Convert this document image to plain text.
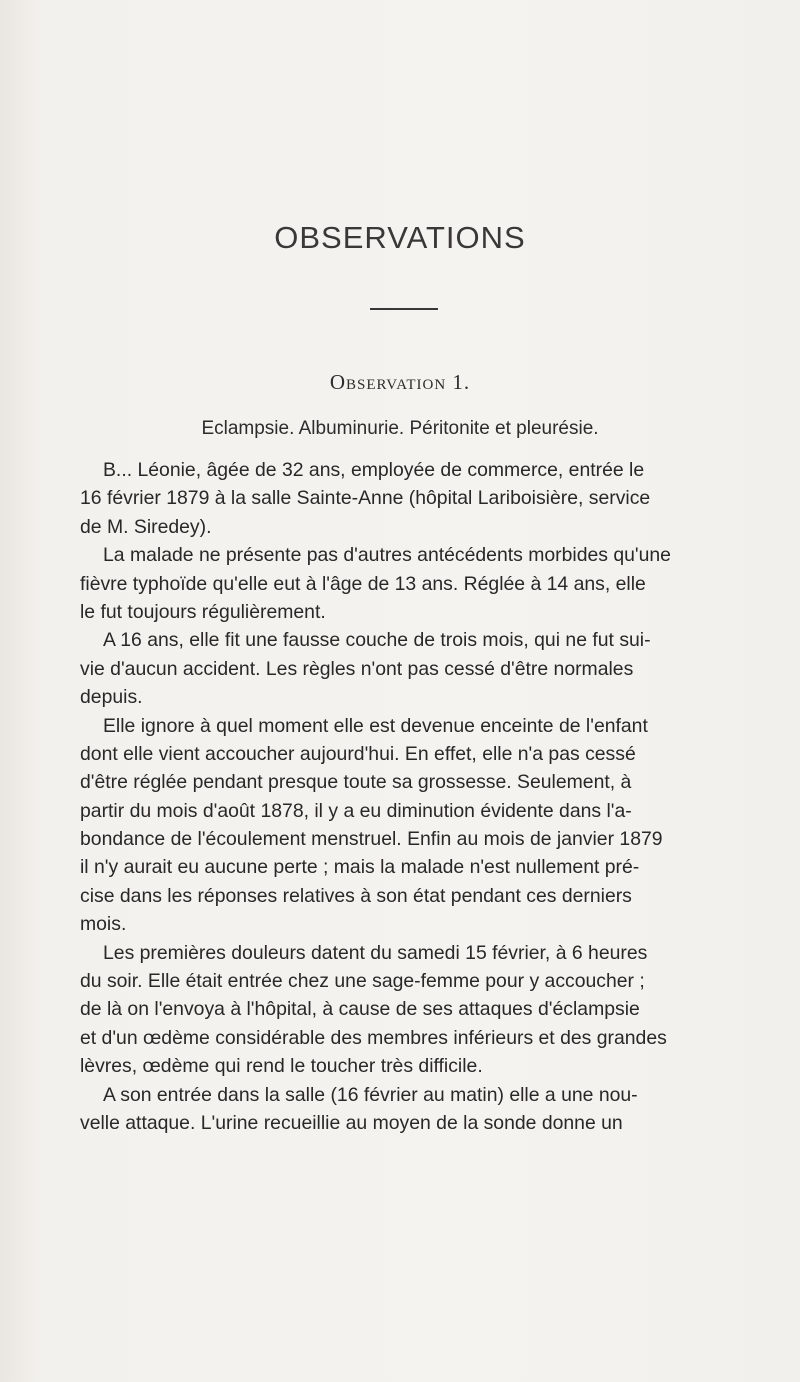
OBSERVATIONS
Observation 1.
Eclampsie. Albuminurie. Péritonite et pleurésie.
B... Léonie, âgée de 32 ans, employée de commerce, entrée le
16 février 1879 à la salle Sainte-Anne (hôpital Lariboisière, service
de M. Siredey).
La malade ne présente pas d'autres antécédents morbides qu'une
fièvre typhoïde qu'elle eut à l'âge de 13 ans. Réglée à 14 ans, elle
le fut toujours régulièrement.
A 16 ans, elle fit une fausse couche de trois mois, qui ne fut sui-
vie d'aucun accident. Les règles n'ont pas cessé d'être normales
depuis.
Elle ignore à quel moment elle est devenue enceinte de l'enfant
dont elle vient accoucher aujourd'hui. En effet, elle n'a pas cessé
d'être réglée pendant presque toute sa grossesse. Seulement, à
partir du mois d'août 1878, il y a eu diminution évidente dans l'a-
bondance de l'écoulement menstruel. Enfin au mois de janvier 1879
il n'y aurait eu aucune perte ; mais la malade n'est nullement pré-
cise dans les réponses relatives à son état pendant ces derniers
mois.
Les premières douleurs datent du samedi 15 février, à 6 heures
du soir. Elle était entrée chez une sage-femme pour y accoucher ;
de là on l'envoya à l'hôpital, à cause de ses attaques d'éclampsie
et d'un œdème considérable des membres inférieurs et des grandes
lèvres, œdème qui rend le toucher très difficile.
A son entrée dans la salle (16 février au matin) elle a une nou-
velle attaque. L'urine recueillie au moyen de la sonde donne un
